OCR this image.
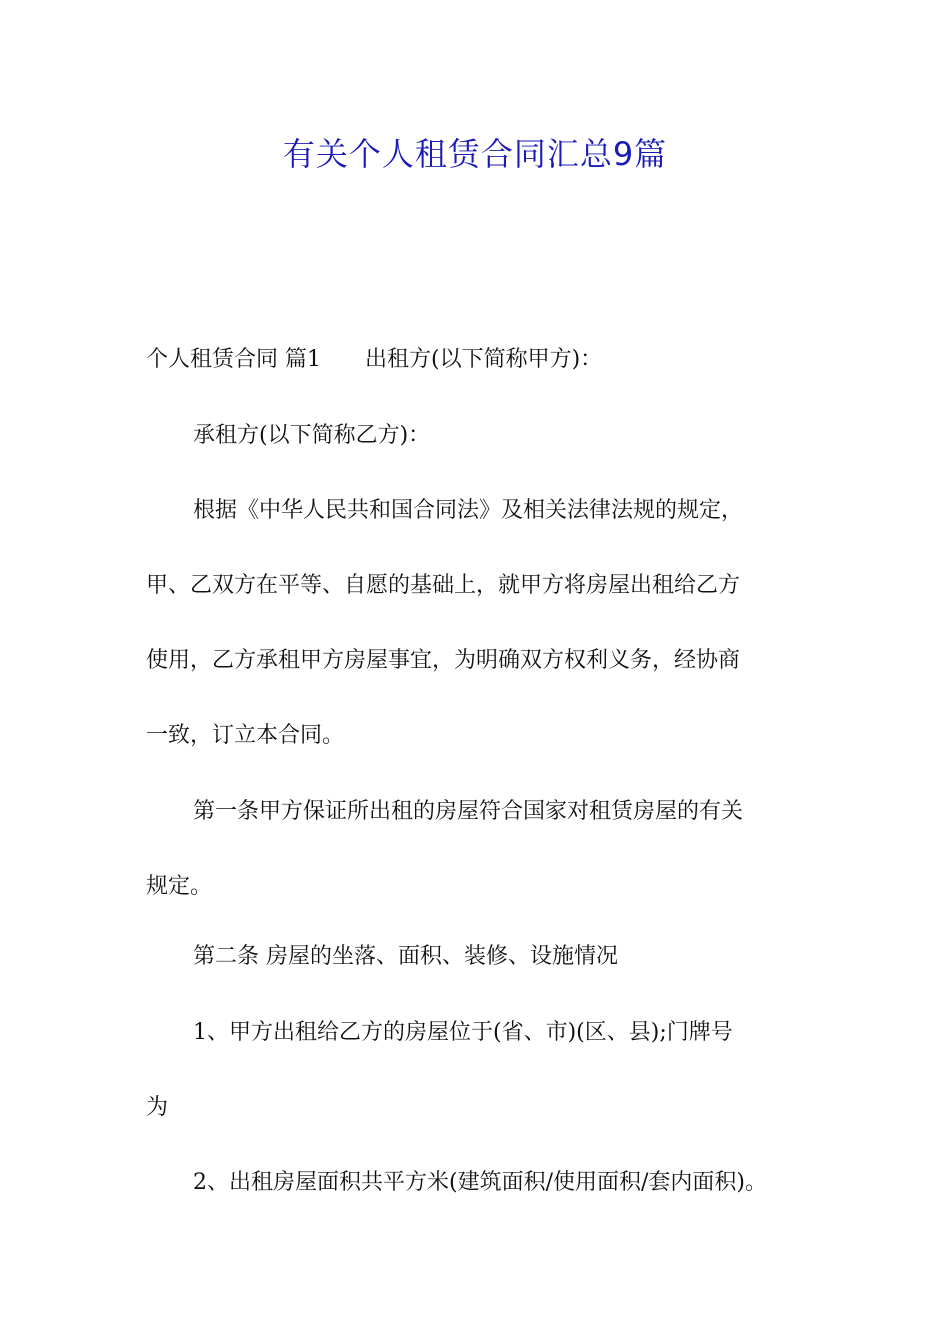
有关个人租赁合同汇总9篇

个人租赁合同 篇1 出租方(以下简称甲方)：

承租方(以下简称乙方)：

根据《中华人民共和国合同法》及相关法律法规的规定，

甲、乙双方在平等、自愿的基础上，就甲方将房屋出租给乙方

使用，乙方承租甲方房屋事宜，为明确双方权利义务，经协商

一致，订立本合同。

第一条甲方保证所出租的房屋符合国家对租赁房屋的有关

规定。

第二条 房屋的坐落、面积、装修、设施情况

1、甲方出租给乙方的房屋位于(省、市)(区、县);门牌号

为

2、出租房屋面积共平方米(建筑面积/使用面积/套内面积)。
